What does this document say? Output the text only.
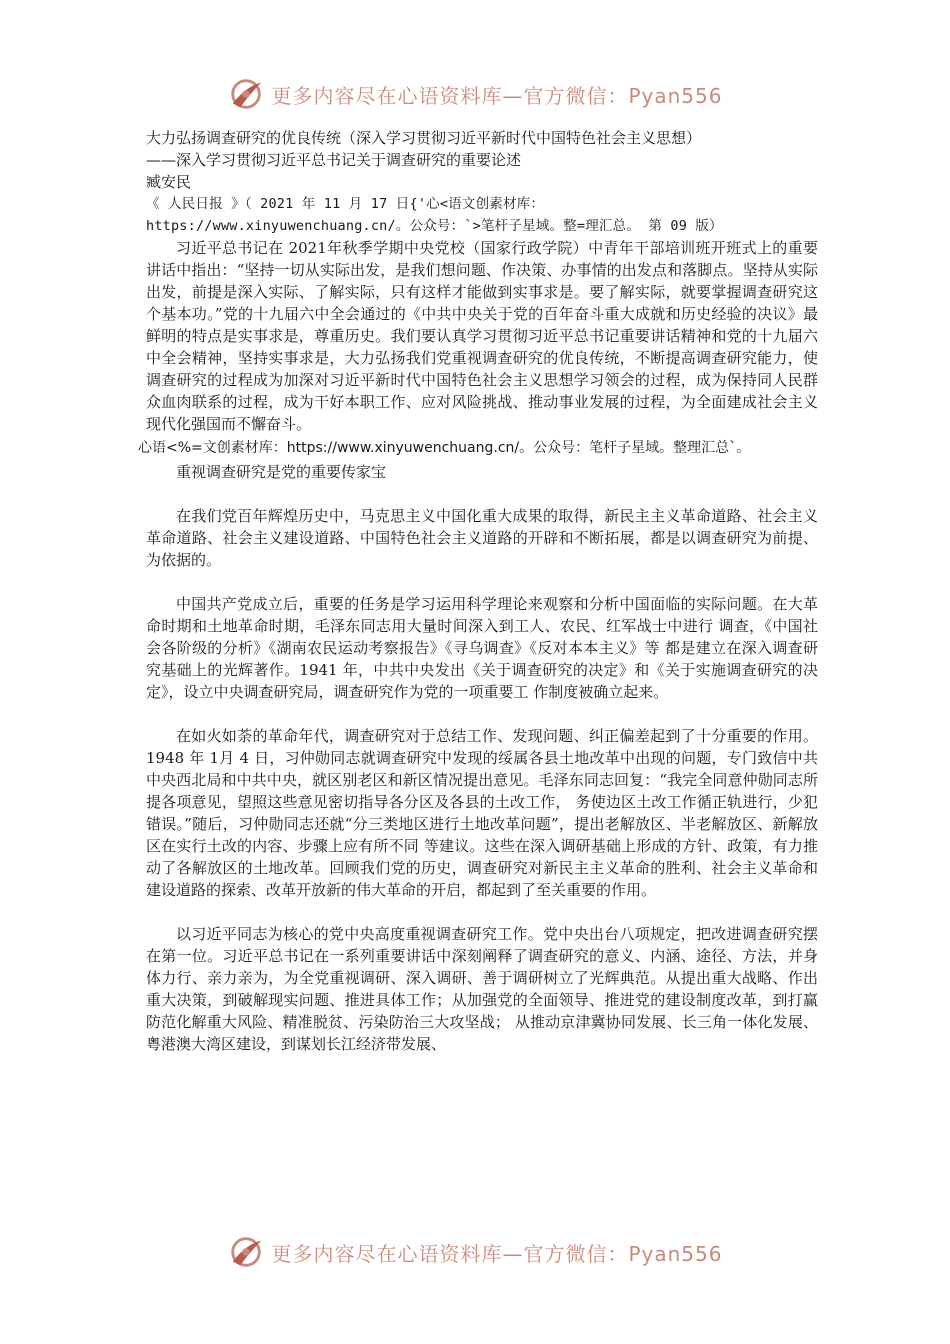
更多内容尽在心语资料库—官方微信：Pyan556

大力弘扬调查研究的优良传统（深入学习贯彻习近平新时代中国特色社会主义思想）

——深入学习贯彻习近平总书记关于调查研究的重要论述

臧安民

《 人民日报 》（ 2021 年 11 月 17 日{'心<语文创素材库：

https://www.xinyuwenchuang.cn/。公众号：`>笔杆子星域。整=理汇总。 第 09 版）

习近平总书记在 2021年秋季学期中央党校（国家行政学院）中青年干部培训班开班式上的重要讲话中指出：“坚持一切从实际出发，是我们想问题、作决策、办事情的出发点和落脚点。坚持从实际出发，前提是深入实际、了解实际，只有这样才能做到实事求是。要了解实际，就要掌握调查研究这个基本功。”党的十九届六中全会通过的《中共中央关于党的百年奋斗重大成就和历史经验的决议》最鲜明的特点是实事求是，尊重历史。我们要认真学习贯彻习近平总书记重要讲话精神和党的十九届六中全会精神，坚持实事求是，大力弘扬我们党重视调查研究的优良传统，不断提高调查研究能力，使调查研究的过程成为加深对习近平新时代中国特色社会主义思想学习领会的过程，成为保持同人民群众血肉联系的过程，成为干好本职工作、应对风险挑战、推动事业发展的过程，为全面建成社会主义现代化强国而不懈奋斗。

心语<%=文创素材库：https://www.xinyuwenchuang.cn/。公众号：笔杆子星域。整理汇总`。

重视调查研究是党的重要传家宝

在我们党百年辉煌历史中，马克思主义中国化重大成果的取得，新民主主义革命道路、社会主义革命道路、社会主义建设道路、中国特色社会主义道路的开辟和不断拓展，都是以调查研究为前提、为依据的。

中国共产党成立后，重要的任务是学习运用科学理论来观察和分析中国面临的实际问题。在大革命时期和土地革命时期，毛泽东同志用大量时间深入到工人、农民、红军战士中进行 调查，《中国社会各阶级的分析》《湖南农民运动考察报告》《寻乌调查》《反对本本主义》等 都是建立在深入调查研究基础上的光辉著作。1941 年，中共中央发出《关于调查研究的决定》和《关于实施调查研究的决定》，设立中央调查研究局，调查研究作为党的一项重要工 作制度被确立起来。

在如火如荼的革命年代，调查研究对于总结工作、发现问题、纠正偏差起到了十分重要的作用。1948 年 1月 4 日，习仲勋同志就调查研究中发现的绥属各县土地改革中出现的问题，专门致信中共中央西北局和中共中央，就区别老区和新区情况提出意见。毛泽东同志回复：“我完全同意仲勋同志所提各项意见，望照这些意见密切指导各分区及各县的土改工作， 务使边区土改工作循正轨进行，少犯错误。”随后，习仲勋同志还就“分三类地区进行土地改革问题”，提出老解放区、半老解放区、新解放区在实行土改的内容、步骤上应有所不同 等建议。这些在深入调研基础上形成的方针、政策，有力推动了各解放区的土地改革。回顾我们党的历史，调查研究对新民主主义革命的胜利、社会主义革命和建设道路的探索、改革开放新的伟大革命的开启，都起到了至关重要的作用。

以习近平同志为核心的党中央高度重视调查研究工作。党中央出台八项规定，把改进调查研究摆在第一位。习近平总书记在一系列重要讲话中深刻阐释了调查研究的意义、内涵、途径、方法，并身体力行、亲力亲为，为全党重视调研、深入调研、善于调研树立了光辉典范。从提出重大战略、作出重大决策，到破解现实问题、推进具体工作；从加强党的全面领导、推进党的建设制度改革，到打赢防范化解重大风险、精准脱贫、污染防治三大攻坚战； 从推动京津冀协同发展、长三角一体化发展、粤港澳大湾区建设，到谋划长江经济带发展、

更多内容尽在心语资料库—官方微信：Pyan556
